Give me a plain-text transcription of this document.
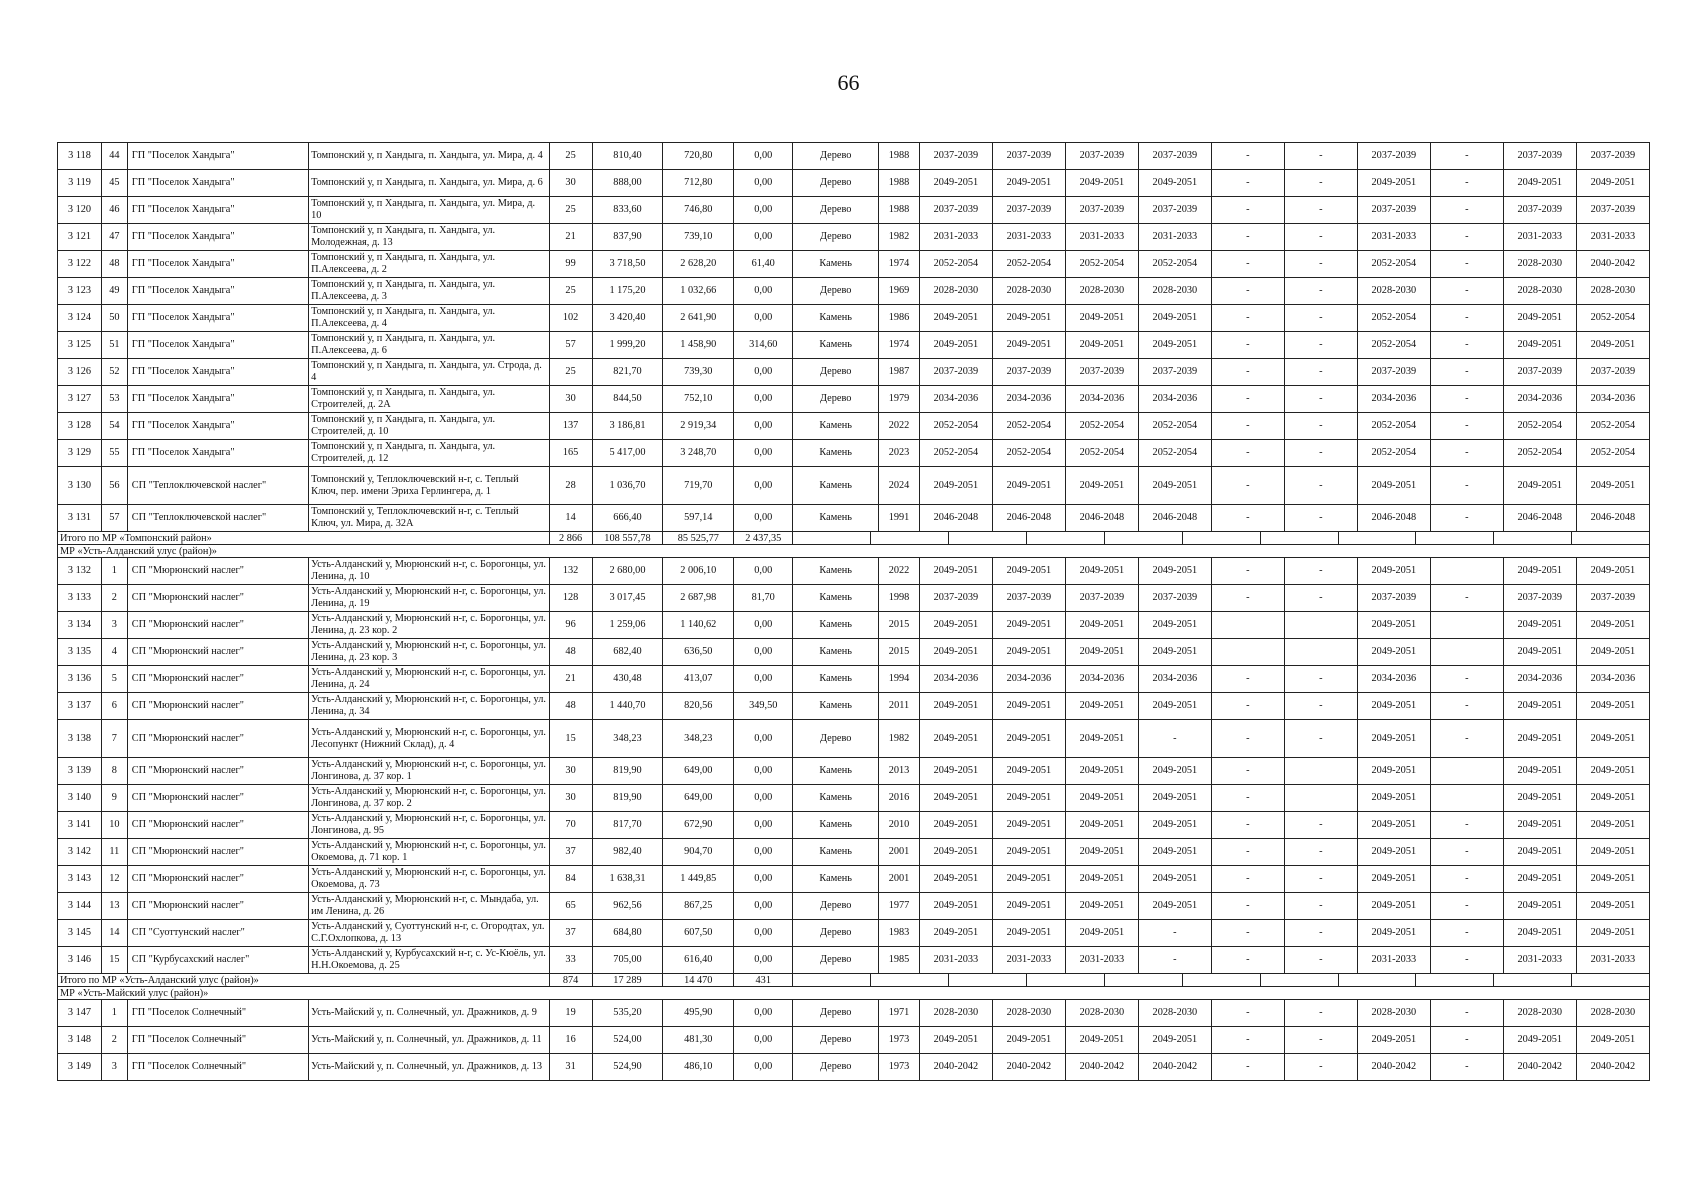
66
3 118	44	ГП "Поселок Хандыга"	Томпонский у, п Хандыга, п. Хандыга, ул. Мира, д. 4	25	810,40	720,80	0,00	Дерево	1988	2037-2039	2037-2039	2037-2039	2037-2039	-	-	2037-2039	-	2037-2039	2037-2039
3 119	45	ГП "Поселок Хандыга"	Томпонский у, п Хандыга, п. Хандыга, ул. Мира, д. 6	30	888,00	712,80	0,00	Дерево	1988	2049-2051	2049-2051	2049-2051	2049-2051	-	-	2049-2051	-	2049-2051	2049-2051
3 120	46	ГП "Поселок Хандыга"	Томпонский у, п Хандыга, п. Хандыга, ул. Мира, д. 10	25	833,60	746,80	0,00	Дерево	1988	2037-2039	2037-2039	2037-2039	2037-2039	-	-	2037-2039	-	2037-2039	2037-2039
3 121	47	ГП "Поселок Хандыга"	Томпонский у, п Хандыга, п. Хандыга, ул. Молодежная, д. 13	21	837,90	739,10	0,00	Дерево	1982	2031-2033	2031-2033	2031-2033	2031-2033	-	-	2031-2033	-	2031-2033	2031-2033
3 122	48	ГП "Поселок Хандыга"	Томпонский у, п Хандыга, п. Хандыга, ул. П.Алексеева, д. 2	99	3 718,50	2 628,20	61,40	Камень	1974	2052-2054	2052-2054	2052-2054	2052-2054	-	-	2052-2054	-	2028-2030	2040-2042
3 123	49	ГП "Поселок Хандыга"	Томпонский у, п Хандыга, п. Хандыга, ул. П.Алексеева, д. 3	25	1 175,20	1 032,66	0,00	Дерево	1969	2028-2030	2028-2030	2028-2030	2028-2030	-	-	2028-2030	-	2028-2030	2028-2030
3 124	50	ГП "Поселок Хандыга"	Томпонский у, п Хандыга, п. Хандыга, ул. П.Алексеева, д. 4	102	3 420,40	2 641,90	0,00	Камень	1986	2049-2051	2049-2051	2049-2051	2049-2051	-	-	2052-2054	-	2049-2051	2052-2054
3 125	51	ГП "Поселок Хандыга"	Томпонский у, п Хандыга, п. Хандыга, ул. П.Алексеева, д. 6	57	1 999,20	1 458,90	314,60	Камень	1974	2049-2051	2049-2051	2049-2051	2049-2051	-	-	2052-2054	-	2049-2051	2049-2051
3 126	52	ГП "Поселок Хандыга"	Томпонский у, п Хандыга, п. Хандыга, ул. Строда, д. 4	25	821,70	739,30	0,00	Дерево	1987	2037-2039	2037-2039	2037-2039	2037-2039	-	-	2037-2039	-	2037-2039	2037-2039
3 127	53	ГП "Поселок Хандыга"	Томпонский у, п Хандыга, п. Хандыга, ул. Строителей, д. 2А	30	844,50	752,10	0,00	Дерево	1979	2034-2036	2034-2036	2034-2036	2034-2036	-	-	2034-2036	-	2034-2036	2034-2036
3 128	54	ГП "Поселок Хандыга"	Томпонский у, п Хандыга, п. Хандыга, ул. Строителей, д. 10	137	3 186,81	2 919,34	0,00	Камень	2022	2052-2054	2052-2054	2052-2054	2052-2054	-	-	2052-2054	-	2052-2054	2052-2054
3 129	55	ГП "Поселок Хандыга"	Томпонский у, п Хандыга, п. Хандыга, ул. Строителей, д. 12	165	5 417,00	3 248,70	0,00	Камень	2023	2052-2054	2052-2054	2052-2054	2052-2054	-	-	2052-2054	-	2052-2054	2052-2054
3 130	56	СП "Теплоключевской наслег"	Томпонский у, Теплоключевский н-г, с. Теплый Ключ, пер. имени Эриха Герлингера, д. 1	28	1 036,70	719,70	0,00	Камень	2024	2049-2051	2049-2051	2049-2051	2049-2051	-	-	2049-2051	-	2049-2051	2049-2051
3 131	57	СП "Теплоключевской наслег"	Томпонский у, Теплоключевский н-г, с. Теплый Ключ, ул. Мира, д. 32А	14	666,40	597,14	0,00	Камень	1991	2046-2048	2046-2048	2046-2048	2046-2048	-	-	2046-2048	-	2046-2048	2046-2048
Итого по МР «Томпонский район»				2 866	108 557,78	85 525,77	2 437,35												

МР «Усть-Алданский улус (район)»																			
3 132	1	СП "Мюрюнский наслег"	Усть-Алданский у, Мюрюнский н-г, с. Борогонцы, ул. Ленина, д. 10	132	2 680,00	2 006,10	0,00	Камень	2022	2049-2051	2049-2051	2049-2051	2049-2051	-	-	2049-2051		2049-2051	2049-2051
3 133	2	СП "Мюрюнский наслег"	Усть-Алданский у, Мюрюнский н-г, с. Борогонцы, ул. Ленина, д. 19	128	3 017,45	2 687,98	81,70	Камень	1998	2037-2039	2037-2039	2037-2039	2037-2039	-	-	2037-2039	-	2037-2039	2037-2039
3 134	3	СП "Мюрюнский наслег"	Усть-Алданский у, Мюрюнский н-г, с. Борогонцы, ул. Ленина, д. 23 кор. 2	96	1 259,06	1 140,62	0,00	Камень	2015	2049-2051	2049-2051	2049-2051	2049-2051			2049-2051		2049-2051	2049-2051
3 135	4	СП "Мюрюнский наслег"	Усть-Алданский у, Мюрюнский н-г, с. Борогонцы, ул. Ленина, д. 23 кор. 3	48	682,40	636,50	0,00	Камень	2015	2049-2051	2049-2051	2049-2051	2049-2051			2049-2051		2049-2051	2049-2051
3 136	5	СП "Мюрюнский наслег"	Усть-Алданский у, Мюрюнский н-г, с. Борогонцы, ул. Ленина, д. 24	21	430,48	413,07	0,00	Камень	1994	2034-2036	2034-2036	2034-2036	2034-2036	-	-	2034-2036	-	2034-2036	2034-2036
3 137	6	СП "Мюрюнский наслег"	Усть-Алданский у, Мюрюнский н-г, с. Борогонцы, ул. Ленина, д. 34	48	1 440,70	820,56	349,50	Камень	2011	2049-2051	2049-2051	2049-2051	2049-2051	-	-	2049-2051	-	2049-2051	2049-2051
3 138	7	СП "Мюрюнский наслег"	Усть-Алданский у, Мюрюнский н-г, с. Борогонцы, ул. Лесопункт (Нижний Склад), д. 4	15	348,23	348,23	0,00	Дерево	1982	2049-2051	2049-2051	2049-2051	-	-	-	2049-2051	-	2049-2051	2049-2051
3 139	8	СП "Мюрюнский наслег"	Усть-Алданский у, Мюрюнский н-г, с. Борогонцы, ул. Лонгинова, д. 37 кор. 1	30	819,90	649,00	0,00	Камень	2013	2049-2051	2049-2051	2049-2051	2049-2051	-		2049-2051		2049-2051	2049-2051
3 140	9	СП "Мюрюнский наслег"	Усть-Алданский у, Мюрюнский н-г, с. Борогонцы, ул. Лонгинова, д. 37 кор. 2	30	819,90	649,00	0,00	Камень	2016	2049-2051	2049-2051	2049-2051	2049-2051	-		2049-2051		2049-2051	2049-2051
3 141	10	СП "Мюрюнский наслег"	Усть-Алданский у, Мюрюнский н-г, с. Борогонцы, ул. Лонгинова, д. 95	70	817,70	672,90	0,00	Камень	2010	2049-2051	2049-2051	2049-2051	2049-2051	-	-	2049-2051	-	2049-2051	2049-2051
3 142	11	СП "Мюрюнский наслег"	Усть-Алданский у, Мюрюнский н-г, с. Борогонцы, ул. Окоемова, д. 71 кор. 1	37	982,40	904,70	0,00	Камень	2001	2049-2051	2049-2051	2049-2051	2049-2051	-	-	2049-2051	-	2049-2051	2049-2051
3 143	12	СП "Мюрюнский наслег"	Усть-Алданский у, Мюрюнский н-г, с. Борогонцы, ул. Окоемова, д. 73	84	1 638,31	1 449,85	0,00	Камень	2001	2049-2051	2049-2051	2049-2051	2049-2051	-	-	2049-2051	-	2049-2051	2049-2051
3 144	13	СП "Мюрюнский наслег"	Усть-Алданский у, Мюрюнский н-г, с. Мындаба, ул. им Ленина, д. 26	65	962,56	867,25	0,00	Дерево	1977	2049-2051	2049-2051	2049-2051	2049-2051	-	-	2049-2051	-	2049-2051	2049-2051
3 145	14	СП "Суоттунский наслег"	Усть-Алданский у, Суоттунский н-г, с. Огородтах, ул. С.Г.Охлопкова, д. 13	37	684,80	607,50	0,00	Дерево	1983	2049-2051	2049-2051	2049-2051	-	-	-	2049-2051	-	2049-2051	2049-2051
3 146	15	СП "Курбусахский наслег"	Усть-Алданский у, Курбусахский н-г, с. Ус-Кюёль, ул. Н.Н.Окоемова, д. 25	33	705,00	616,40	0,00	Дерево	1985	2031-2033	2031-2033	2031-2033	-	-	-	2031-2033	-	2031-2033	2031-2033
Итого по МР «Усть-Алданский улус (район)»				874	17 289	14 470	431												

МР «Усть-Майский улус (район)»																			
3 147	1	ГП "Поселок Солнечный"	Усть-Майский у, п. Солнечный, ул. Дражников, д. 9	19	535,20	495,90	0,00	Дерево	1971	2028-2030	2028-2030	2028-2030	2028-2030	-	-	2028-2030	-	2028-2030	2028-2030
3 148	2	ГП "Поселок Солнечный"	Усть-Майский у, п. Солнечный, ул. Дражников, д. 11	16	524,00	481,30	0,00	Дерево	1973	2049-2051	2049-2051	2049-2051	2049-2051	-	-	2049-2051	-	2049-2051	2049-2051
3 149	3	ГП "Поселок Солнечный"	Усть-Майский у, п. Солнечный, ул. Дражников, д. 13	31	524,90	486,10	0,00	Дерево	1973	2040-2042	2040-2042	2040-2042	2040-2042	-	-	2040-2042	-	2040-2042	2040-2042
